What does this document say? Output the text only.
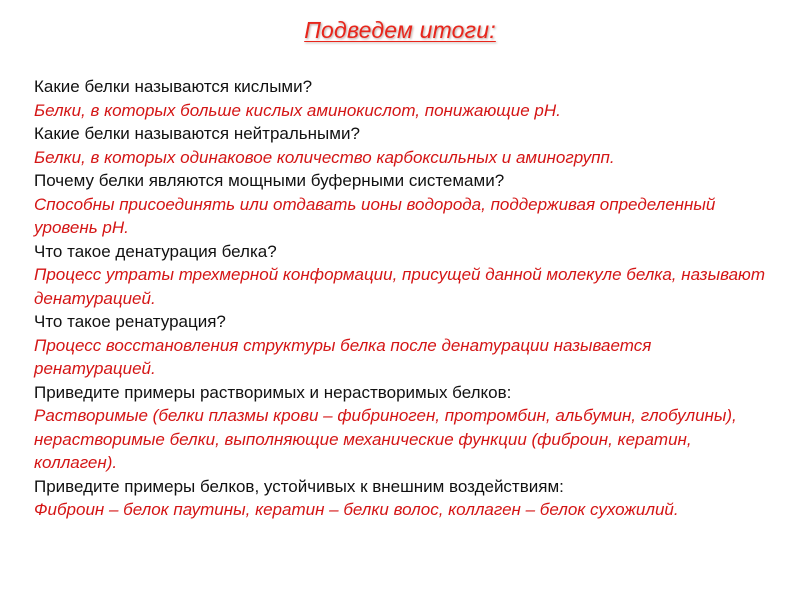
Подведем итоги:

Какие белки называются кислыми?

Белки, в которых больше кислых аминокислот, понижающие рН.

Какие белки называются нейтральными?

Белки, в которых одинаковое количество карбоксильных и аминогрупп.

Почему белки являются мощными буферными системами?

Способны присоединять или отдавать ионы водорода, поддерживая определенный уровень рН.

Что такое денатурация белка?

Процесс утраты трехмерной конформации, присущей данной молекуле белка, называют денатурацией.

Что такое ренатурация?

Процесс восстановления структуры белка после денатурации называется ренатурацией.

Приведите примеры растворимых и нерастворимых белков:

Растворимые (белки плазмы крови – фибриноген, протромбин, альбумин, глобулины), нерастворимые белки, выполняющие механические функции (фиброин, кератин, коллаген).

Приведите примеры белков, устойчивых к внешним воздействиям:

Фиброин – белок паутины, кератин – белки волос, коллаген – белок сухожилий.
